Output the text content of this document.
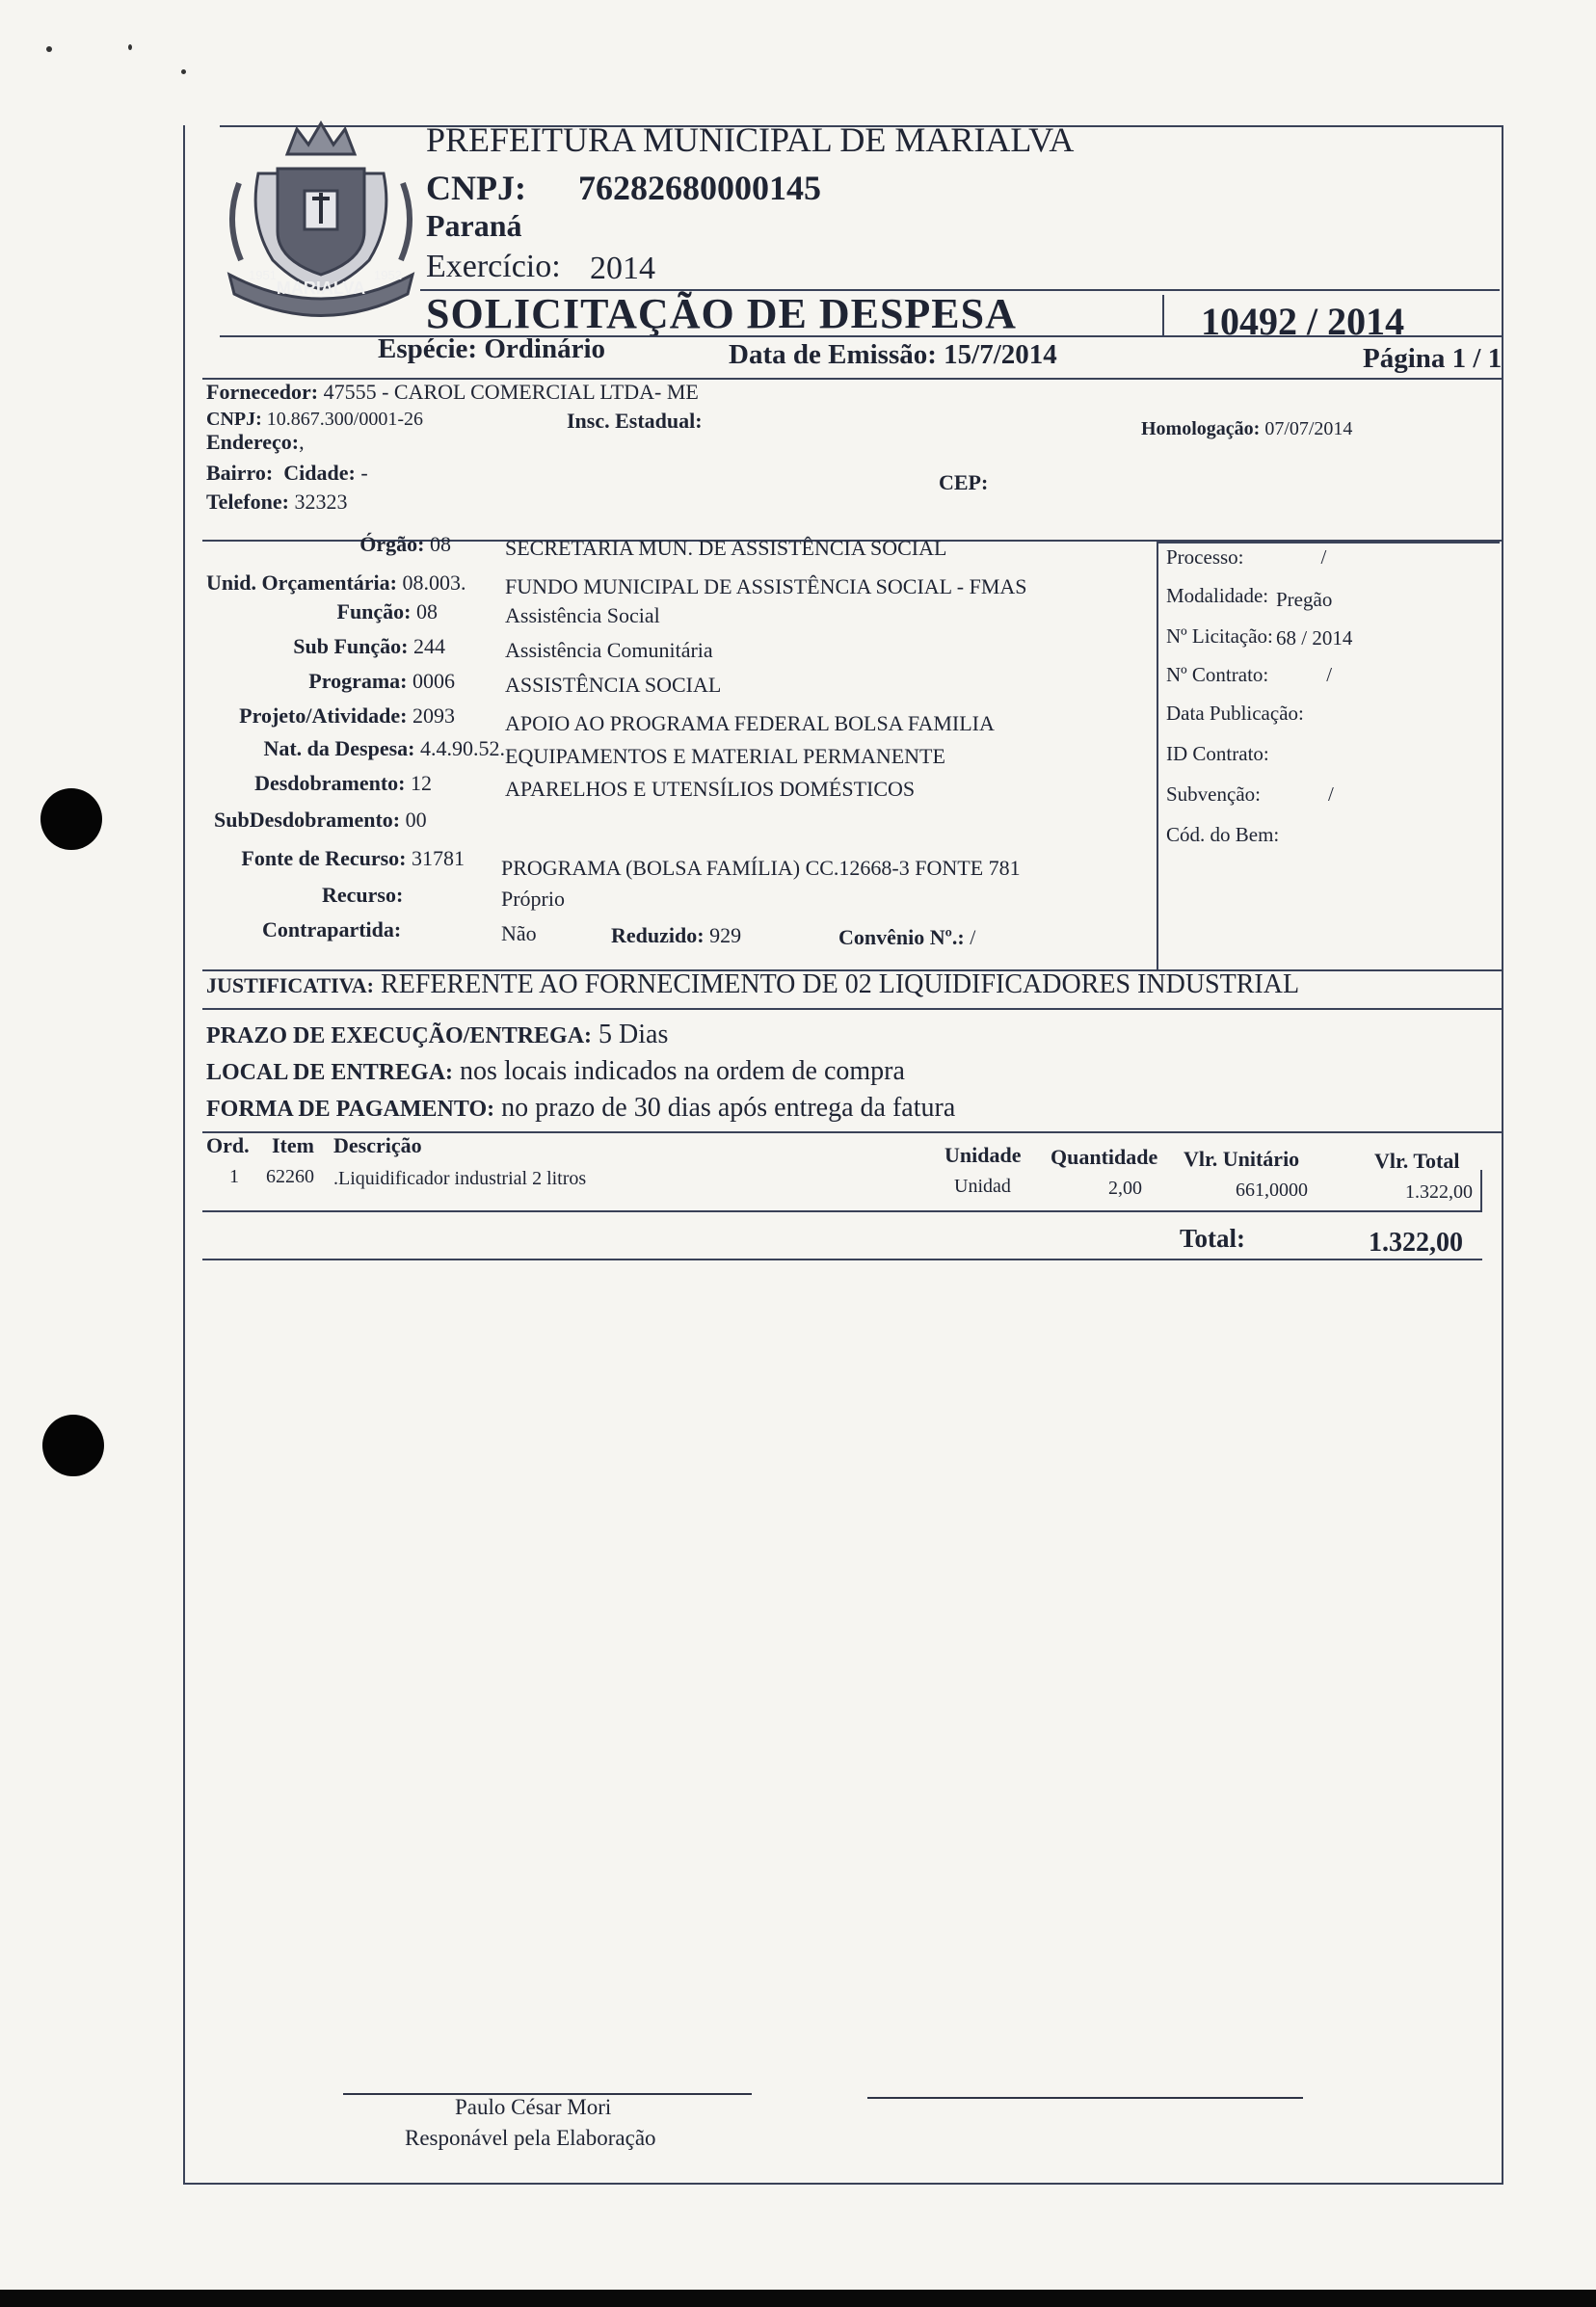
MARIALVA
1951	1952
PREFEITURA MUNICIPAL DE MARIALVA
CNPJ: 76282680000145
Paraná
Exercício: 2014
SOLICITAÇÃO DE DESPESA	10492 / 2014
Espécie: Ordinário	Data de Emissão: 15/7/2014	Página 1 / 1
Fornecedor: 47555 - CAROL COMERCIAL LTDA- ME
CNPJ: 10.867.300/0001-26	Insc. Estadual:	Homologação: 07/07/2014
Endereço:,
Bairro: Cidade: -	CEP:
Telefone: 32323
Órgão: 08	SECRETARIA MUN. DE ASSISTÊNCIA SOCIAL
Unid. Orçamentária: 08.003.	FUNDO MUNICIPAL DE ASSISTÊNCIA SOCIAL - FMAS
Função: 08	Assistência Social
Sub Função: 244	Assistência Comunitária
Programa: 0006 ASSISTÊNCIA SOCIAL
Projeto/Atividade: 2093 APOIO AO PROGRAMA FEDERAL BOLSA FAMILIA
Nat. da Despesa: 4.4.90.52. EQUIPAMENTOS E MATERIAL PERMANENTE
Desdobramento: 12	APARELHOS E UTENSÍLIOS DOMÉSTICOS
SubDesdobramento: 00
Fonte de Recurso: 31781 PROGRAMA (BOLSA FAMÍLIA) CC.12668-3 FONTE 781
Recurso:	Próprio
Contrapartida:	Não	Reduzido: 929	Convênio Nº.: /
Processo:	/
Modalidade: Pregão
Nº Licitação: 68 / 2014
Nº Contrato:	/
Data Publicação:
ID Contrato:
Subvenção:	/
Cód. do Bem:
JUSTIFICATIVA: REFERENTE AO FORNECIMENTO DE 02 LIQUIDIFICADORES INDUSTRIAL
PRAZO DE EXECUÇÃO/ENTREGA: 5 Dias
LOCAL DE ENTREGA: nos locais indicados na ordem de compra
FORMA DE PAGAMENTO: no prazo de 30 dias após entrega da fatura
Ord. Item Descrição	Unidade Quantidade Vlr. Unitário	Vlr. Total
1 62260 .Liquidificador industrial 2 litros	Unidad	2,00	661,0000	1.322,00
Total:	1.322,00
Paulo César Mori
Responável pela Elaboração
